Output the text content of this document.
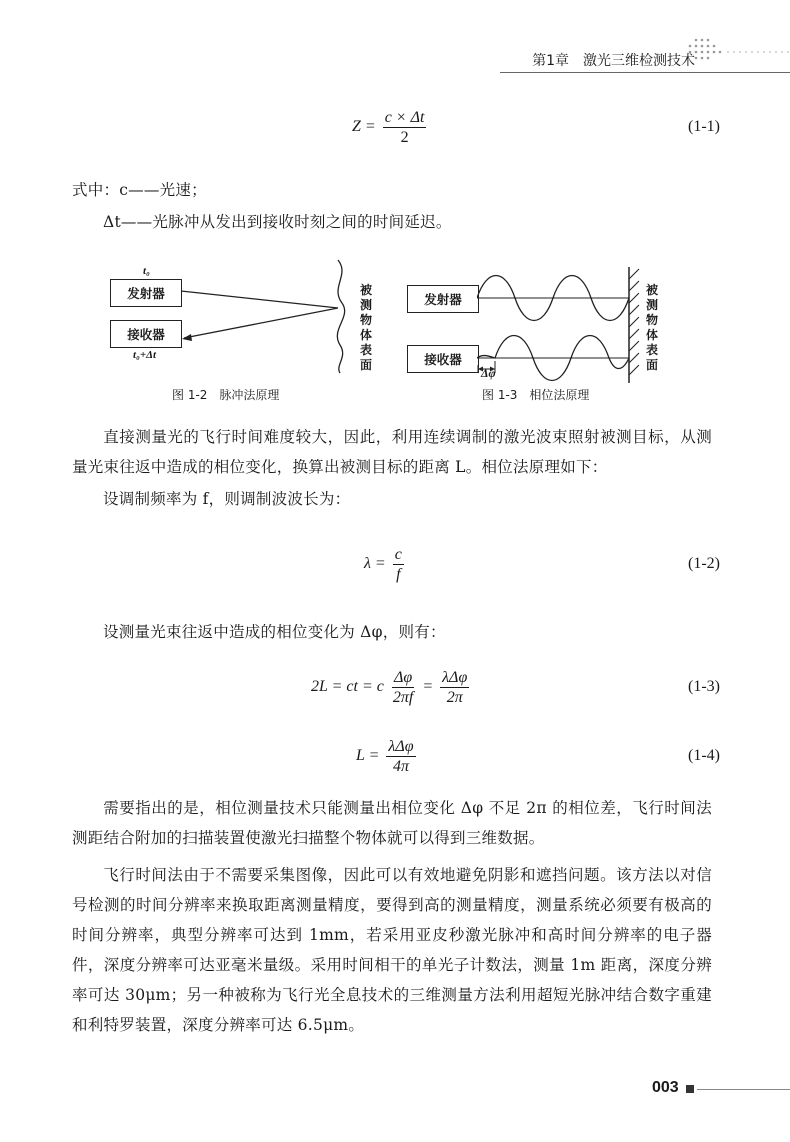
第1章　激光三维检测技术
$Z = \frac{c \times \Delta t}{2}$	(1-1)
式中：c——光速；
Δt——光脉冲从发出到接收时刻之间的时间延迟。
t₀
发射器
接收器
t₀+Δt
被测物体表面
图 1-2　脉冲法原理
发射器
接收器
Δφ
被测物体表面
图 1-3　相位法原理
直接测量光的飞行时间难度较大，因此，利用连续调制的激光波束照射被测目标，从测量光束往返中造成的相位变化，换算出被测目标的距离 L。相位法原理如下：
设调制频率为 f，则调制波波长为：
$\lambda = \frac{c}{f}$	(1-2)
设测量光束往返中造成的相位变化为 Δφ，则有：
2L = ct = c $\frac{\Delta\varphi}{2\pi f} = \frac{\text{λΔφ}}{2\pi}$	(1-3)
$L = \frac{\text{λΔφ}}{4\pi}$	(1-4)
需要指出的是，相位测量技术只能测量出相位变化 Δφ 不足 2π 的相位差，飞行时间法测距结合附加的扫描装置使激光扫描整个物体就可以得到三维数据。
飞行时间法由于不需要采集图像，因此可以有效地避免阴影和遮挡问题。该方法以对信号检测的时间分辨率来换取距离测量精度，要得到高的测量精度，测量系统必须要有极高的时间分辨率，典型分辨率可达到 1mm，若采用亚皮秒激光脉冲和高时间分辨率的电子器件，深度分辨率可达亚毫米量级。采用时间相干的单光子计数法，测量 1m 距离，深度分辨率可达 30μm；另一种被称为飞行光全息技术的三维测量方法利用超短光脉冲结合数字重建和利特罗装置，深度分辨率可达 6.5μm。
003
